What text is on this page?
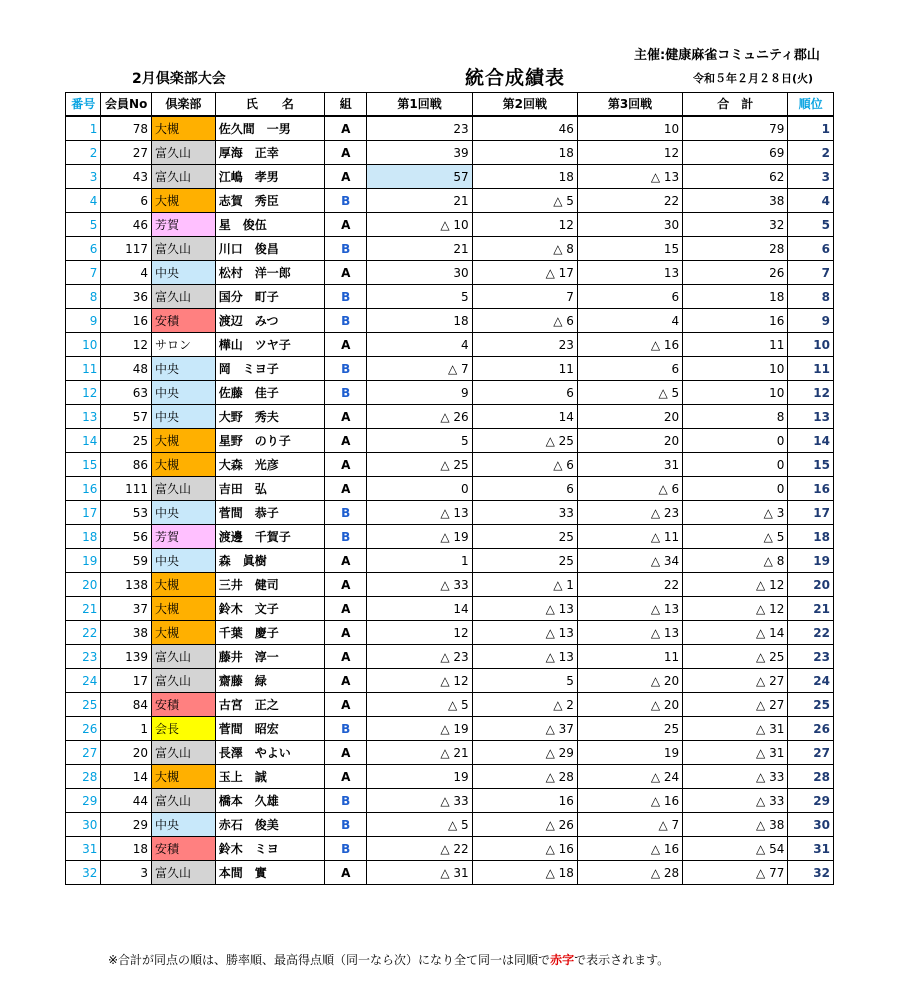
主催:健康麻雀コミュニティ郡山
2月倶楽部大会	統合成績表	令和５年２月２８日(火)
番号	会員No	倶楽部	氏　　名	組	第1回戦	第2回戦	第3回戦	合　計	順位
1	78	大槻	佐久間　一男	A	23	46	10	79	1
2	27	富久山	厚海　正幸	A	39	18	12	69	2
3	43	富久山	江嶋　孝男	A	57	18	△ 13	62	3
4	6	大槻	志賀　秀臣	B	21	△ 5	22	38	4
5	46	芳賀	星　俊伍	A	△ 10	12	30	32	5
6	117	富久山	川口　俊昌	B	21	△ 8	15	28	6
7	4	中央	松村　洋一郎	A	30	△ 17	13	26	7
8	36	富久山	国分　町子	B	5	7	6	18	8
9	16	安積	渡辺　みつ	B	18	△ 6	4	16	9
10	12	サロン	樺山　ツヤ子	A	4	23	△ 16	11	10
11	48	中央	岡　ミヨ子	B	△ 7	11	6	10	11
12	63	中央	佐藤　佳子	B	9	6	△ 5	10	12
13	57	中央	大野　秀夫	A	△ 26	14	20	8	13
14	25	大槻	星野　のり子	A	5	△ 25	20	0	14
15	86	大槻	大森　光彦	A	△ 25	△ 6	31	0	15
16	111	富久山	吉田　弘	A	0	6	△ 6	0	16
17	53	中央	菅間　恭子	B	△ 13	33	△ 23	△ 3	17
18	56	芳賀	渡邊　千賀子	B	△ 19	25	△ 11	△ 5	18
19	59	中央	森　眞樹	A	1	25	△ 34	△ 8	19
20	138	大槻	三井　健司	A	△ 33	△ 1	22	△ 12	20
21	37	大槻	鈴木　文子	A	14	△ 13	△ 13	△ 12	21
22	38	大槻	千葉　慶子	A	12	△ 13	△ 13	△ 14	22
23	139	富久山	藤井　淳一	A	△ 23	△ 13	11	△ 25	23
24	17	富久山	齋藤　緑	A	△ 12	5	△ 20	△ 27	24
25	84	安積	古宮　正之	A	△ 5	△ 2	△ 20	△ 27	25
26	1	会長	菅間　昭宏	B	△ 19	△ 37	25	△ 31	26
27	20	富久山	長澤　やよい	A	△ 21	△ 29	19	△ 31	27
28	14	大槻	玉上　誠	A	19	△ 28	△ 24	△ 33	28
29	44	富久山	橋本　久雄	B	△ 33	16	△ 16	△ 33	29
30	29	中央	赤石　俊美	B	△ 5	△ 26	△ 7	△ 38	30
31	18	安積	鈴木　ミヨ	B	△ 22	△ 16	△ 16	△ 54	31
32	3	富久山	本間　實	A	△ 31	△ 18	△ 28	△ 77	32
※合計が同点の順は、勝率順、最高得点順（同一なら次）になり全て同一は同順で赤字で表示されます。
